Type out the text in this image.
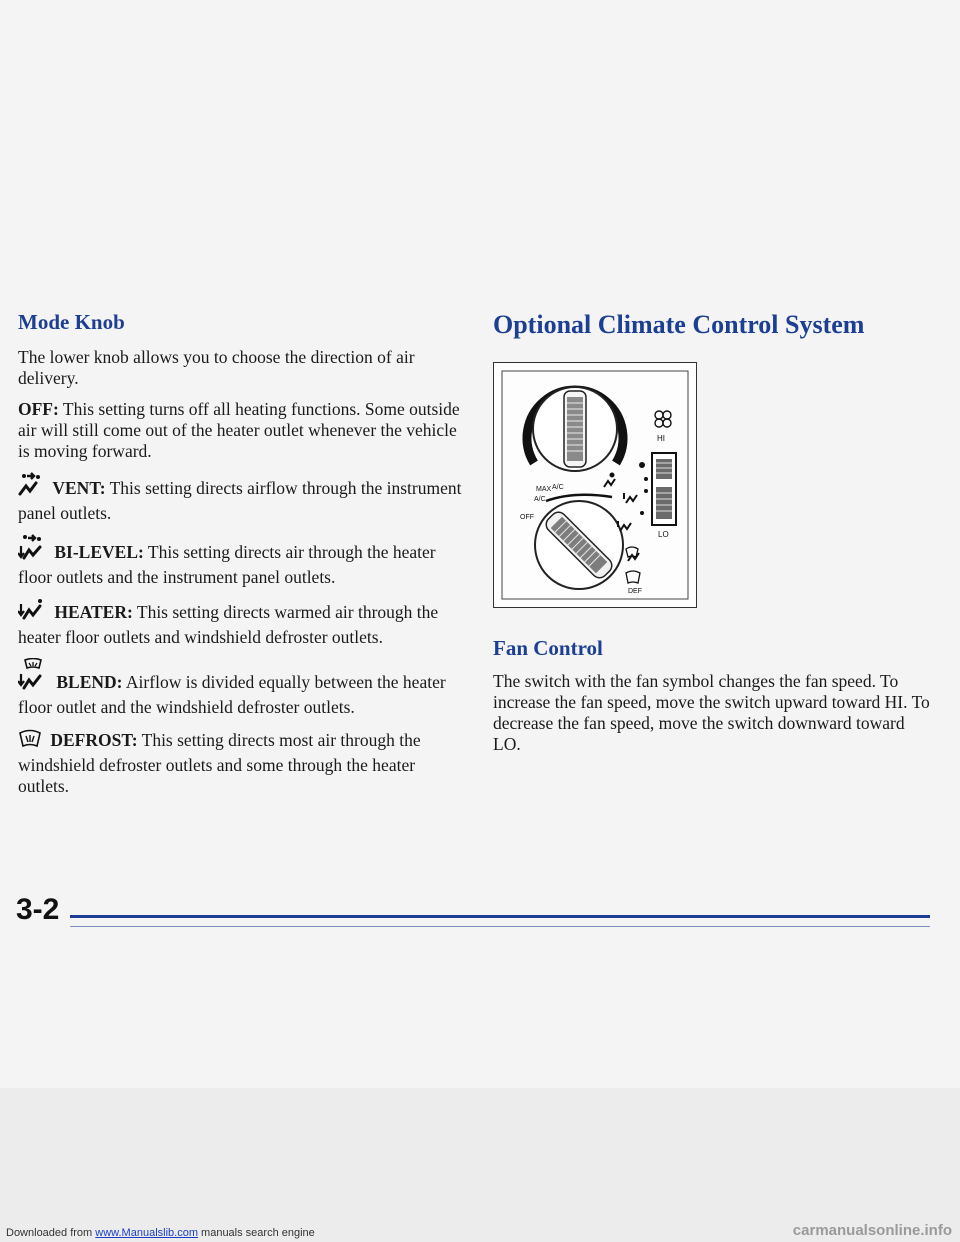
Mode Knob

The lower knob allows you to choose the direction of air delivery.

OFF: This setting turns off all heating functions. Some outside air will still come out of the heater outlet whenever the vehicle is moving forward.

VENT: This setting directs airflow through the instrument panel outlets.

BI-LEVEL: This setting directs air through the heater floor outlets and the instrument panel outlets.

HEATER: This setting directs warmed air through the heater floor outlets and windshield defroster outlets.

BLEND: Airflow is divided equally between the heater floor outlet and the windshield defroster outlets.

DEFROST: This setting directs most air through the windshield defroster outlets and some through the heater outlets.

Optional Climate Control System
HI
LO
MAX A/C
A/C
OFF
DEF
Fan Control

The switch with the fan symbol changes the fan speed. To increase the fan speed, move the switch upward toward HI. To decrease the fan speed, move the switch downward toward LO.

3-2
Downloaded from www.Manualslib.com manuals search engine	carmanualsonline.info
